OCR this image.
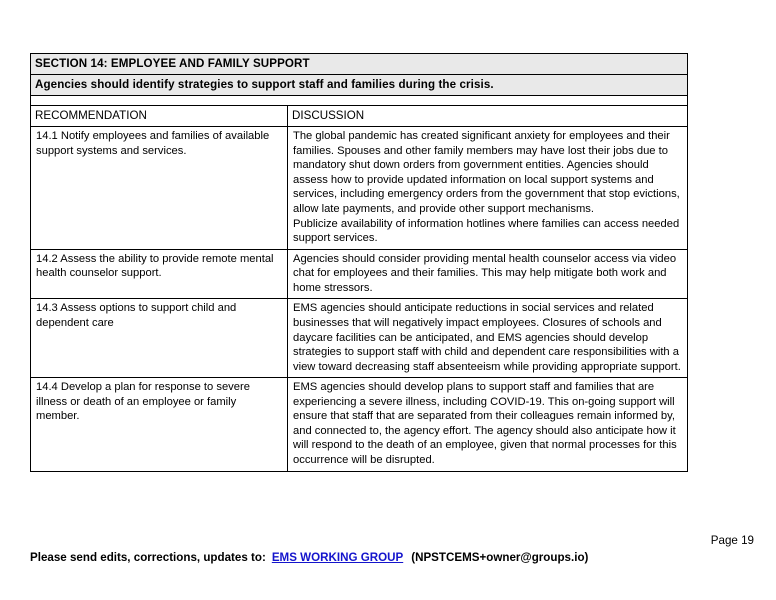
SECTION 14: EMPLOYEE AND FAMILY SUPPORT	
Agencies should identify strategies to support staff and families during the crisis.	

RECOMMENDATION	DISCUSSION
14.1 Notify employees and families of available support systems and services.	The global pandemic has created significant anxiety for employees and their families. Spouses and other family members may have lost their jobs due to mandatory shut down orders from government entities. Agencies should assess how to provide updated information on local support systems and services, including emergency orders from the government that stop evictions, allow late payments, and provide other support mechanisms.

Publicize availability of information hotlines where families can access needed support services.

14.2 Assess the ability to provide remote mental health counselor support.	Agencies should consider providing mental health counselor access via video chat for employees and their families. This may help mitigate both work and home stressors.

14.3 Assess options to support child and dependent care	EMS agencies should anticipate reductions in social services and related businesses that will negatively impact employees. Closures of schools and daycare facilities can be anticipated, and EMS agencies should develop strategies to support staff with child and dependent care responsibilities with a view toward decreasing staff absenteeism while providing appropriate support.

14.4 Develop a plan for response to severe illness or death of an employee or family member.	EMS agencies should develop plans to support staff and families that are experiencing a severe illness, including COVID-19. This on-going support will ensure that staff that are separated from their colleagues remain informed by, and connected to, the agency effort. The agency should also anticipate how it will respond to the death of an employee, given that normal processes for this occurrence will be disrupted.

Page 19
Please send edits, corrections, updates to: EMS WORKING GROUP (NPSTCEMS+owner@groups.io)
